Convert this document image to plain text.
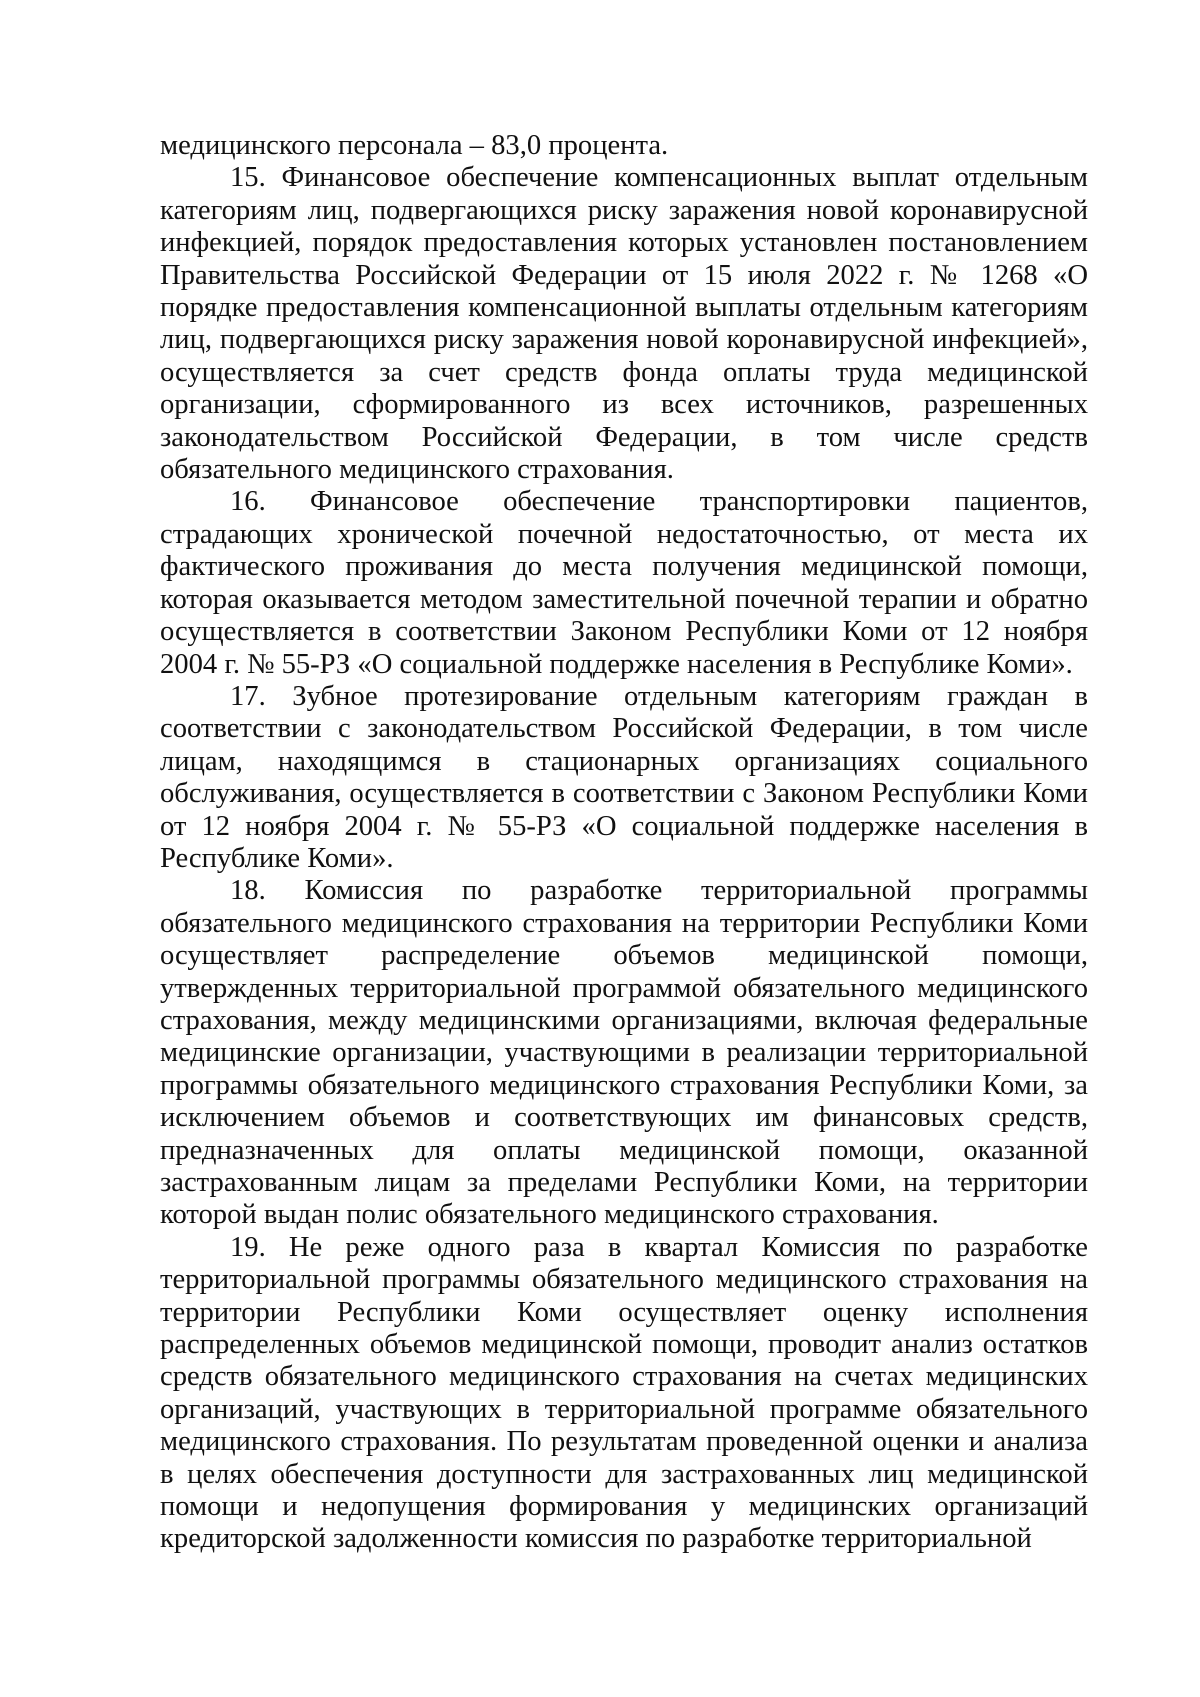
медицинского персонала – 83,0 процента.

15. Финансовое обеспечение компенсационных выплат отдельным категориям лиц, подвергающихся риску заражения новой коронавирусной инфекцией, порядок предоставления которых установлен постановлением Правительства Российской Федерации от 15 июля 2022 г. № 1268 «О порядке предоставления компенсационной выплаты отдельным категориям лиц, подвергающихся риску заражения новой коронавирусной инфекцией», осуществляется за счет средств фонда оплаты труда медицинской организации, сформированного из всех источников, разрешенных законодательством Российской Федерации, в том числе средств обязательного медицинского страхования.

16. Финансовое обеспечение транспортировки пациентов, страдающих хронической почечной недостаточностью, от места их фактического проживания до места получения медицинской помощи, которая оказывается методом заместительной почечной терапии и обратно осуществляется в соответствии Законом Республики Коми от 12 ноября 2004 г. № 55-РЗ «О социальной поддержке населения в Республике Коми».

17. Зубное протезирование отдельным категориям граждан в соответствии с законодательством Российской Федерации, в том числе лицам, находящимся в стационарных организациях социального обслуживания, осуществляется в соответствии с Законом Республики Коми от 12 ноября 2004 г. № 55-РЗ «О социальной поддержке населения в Республике Коми».

18. Комиссия по разработке территориальной программы обязательного медицинского страхования на территории Республики Коми осуществляет распределение объемов медицинской помощи, утвержденных территориальной программой обязательного медицинского страхования, между медицинскими организациями, включая федеральные медицинские организации, участвующими в реализации территориальной программы обязательного медицинского страхования Республики Коми, за исключением объемов и соответствующих им финансовых средств, предназначенных для оплаты медицинской помощи, оказанной застрахованным лицам за пределами Республики Коми, на территории которой выдан полис обязательного медицинского страхования.

19. Не реже одного раза в квартал Комиссия по разработке территориальной программы обязательного медицинского страхования на территории Республики Коми осуществляет оценку исполнения распределенных объемов медицинской помощи, проводит анализ остатков средств обязательного медицинского страхования на счетах медицинских организаций, участвующих в территориальной программе обязательного медицинского страхования. По результатам проведенной оценки и анализа в целях обеспечения доступности для застрахованных лиц медицинской помощи и недопущения формирования у медицинских организаций кредиторской задолженности комиссия по разработке территориальной
